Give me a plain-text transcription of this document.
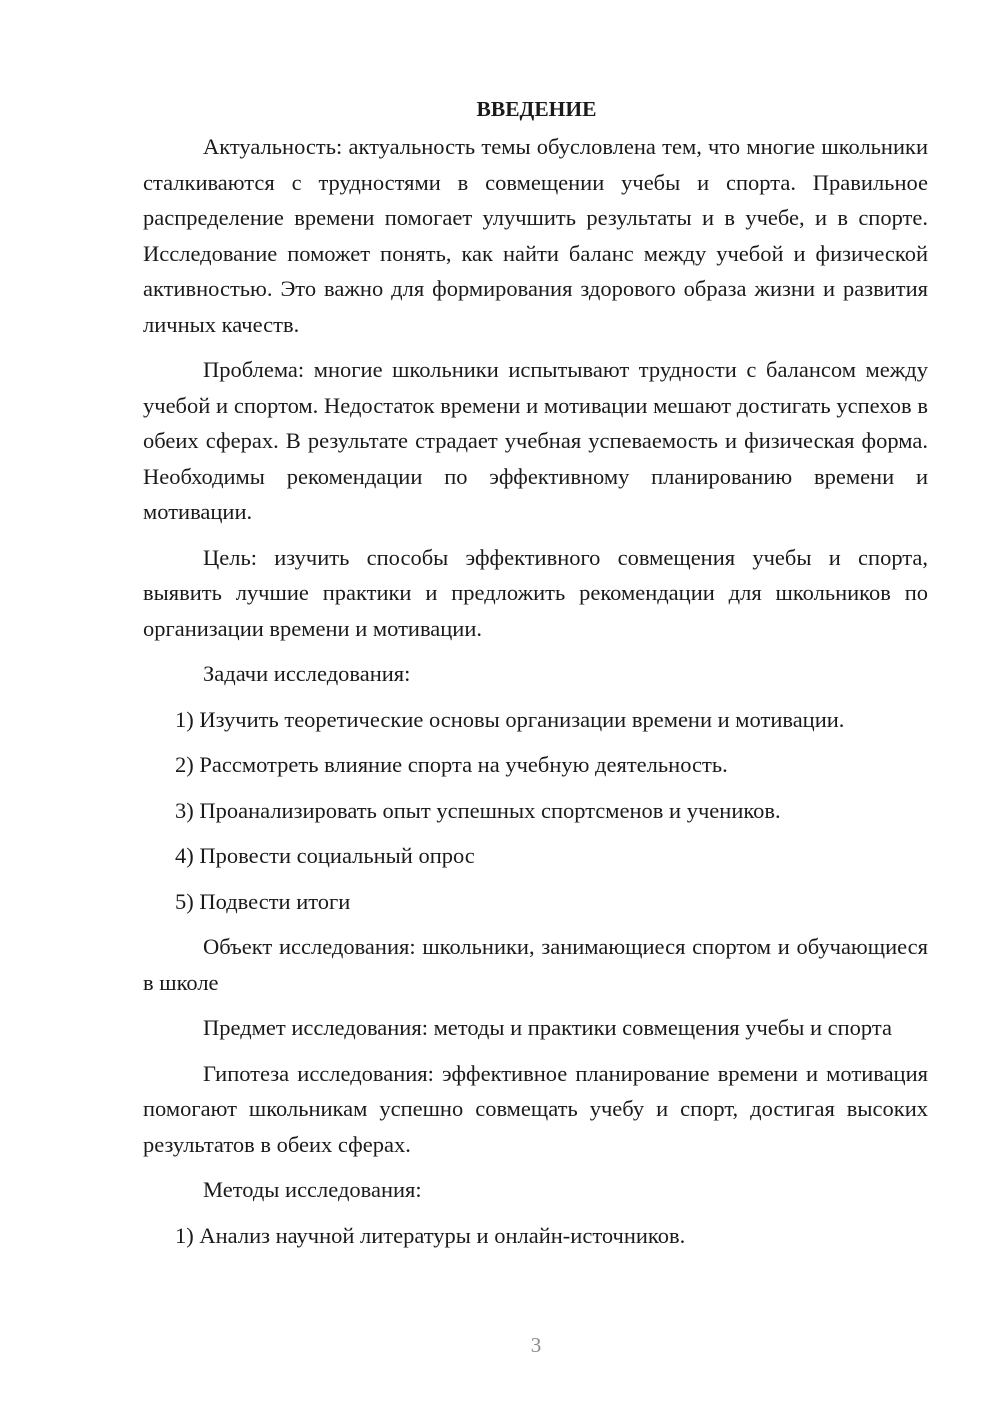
ВВЕДЕНИЕ

Актуальность: актуальность темы обусловлена тем, что многие школьники сталкиваются с трудностями в совмещении учебы и спорта. Правильное распределение времени помогает улучшить результаты и в учебе, и в спорте. Исследование поможет понять, как найти баланс между учебой и физической активностью. Это важно для формирования здорового образа жизни и развития личных качеств.

Проблема: многие школьники испытывают трудности с балансом между учебой и спортом. Недостаток времени и мотивации мешают достигать успехов в обеих сферах. В результате страдает учебная успеваемость и физическая форма. Необходимы рекомендации по эффективному планированию времени и мотивации.

Цель: изучить способы эффективного совмещения учебы и спорта, выявить лучшие практики и предложить рекомендации для школьников по организации времени и мотивации.

Задачи исследования:

1) Изучить теоретические основы организации времени и мотивации.

2) Рассмотреть влияние спорта на учебную деятельность.

3) Проанализировать опыт успешных спортсменов и учеников.

4) Провести социальный опрос

5) Подвести итоги

Объект исследования: школьники, занимающиеся спортом и обучающиеся в школе

Предмет исследования: методы и практики совмещения учебы и спорта

Гипотеза исследования: эффективное планирование времени и мотивация помогают школьникам успешно совмещать учебу и спорт, достигая высоких результатов в обеих сферах.

Методы исследования:

1) Анализ научной литературы и онлайн-источников.

3
